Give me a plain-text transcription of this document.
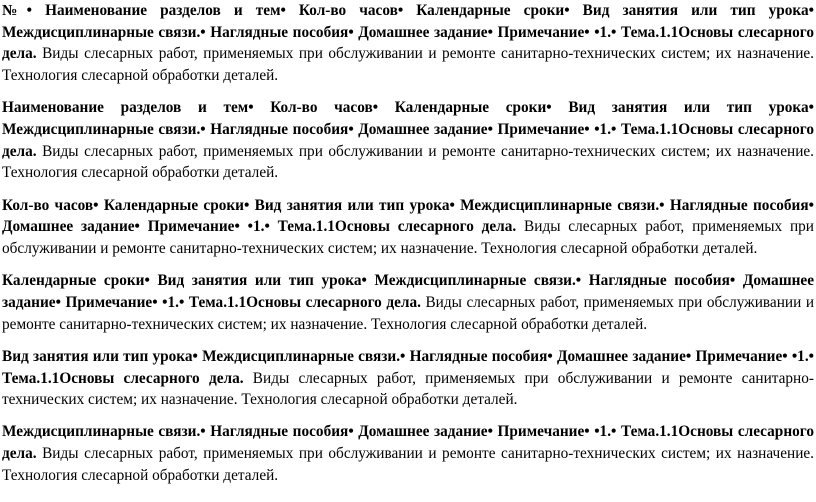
№• Наименование разделов и тем• Кол-во часов• Календарные сроки• Вид занятия или тип урока• Междисциплинарные связи.• Наглядные пособия• Домашнее задание• Примечание• •1.• Тема.1.1Основы слесарного дела. Виды слесарных работ, применяемых при обслуживании и ремонте санитарно-технических систем; их назначение. Технология слесарной обработки деталей.

Наименование разделов и тем• Кол-во часов• Календарные сроки• Вид занятия или тип урока• Междисциплинарные связи.• Наглядные пособия• Домашнее задание• Примечание• •1.• Тема.1.1Основы слесарного дела. Виды слесарных работ, применяемых при обслуживании и ремонте санитарно-технических систем; их назначение. Технология слесарной обработки деталей.

Кол-во часов• Календарные сроки• Вид занятия или тип урока• Междисциплинарные связи.• Наглядные пособия• Домашнее задание• Примечание• •1.• Тема.1.1Основы слесарного дела. Виды слесарных работ, применяемых при обслуживании и ремонте санитарно-технических систем; их назначение. Технология слесарной обработки деталей.

Календарные сроки• Вид занятия или тип урока• Междисциплинарные связи.• Наглядные пособия• Домашнее задание• Примечание• •1.• Тема.1.1Основы слесарного дела. Виды слесарных работ, применяемых при обслуживании и ремонте санитарно-технических систем; их назначение. Технология слесарной обработки деталей.

Вид занятия или тип урока• Междисциплинарные связи.• Наглядные пособия• Домашнее задание• Примечание• •1.• Тема.1.1Основы слесарного дела. Виды слесарных работ, применяемых при обслуживании и ремонте санитарно-технических систем; их назначение. Технология слесарной обработки деталей.

Междисциплинарные связи.• Наглядные пособия• Домашнее задание• Примечание• •1.• Тема.1.1Основы слесарного дела. Виды слесарных работ, применяемых при обслуживании и ремонте санитарно-технических систем; их назначение. Технология слесарной обработки деталей.
